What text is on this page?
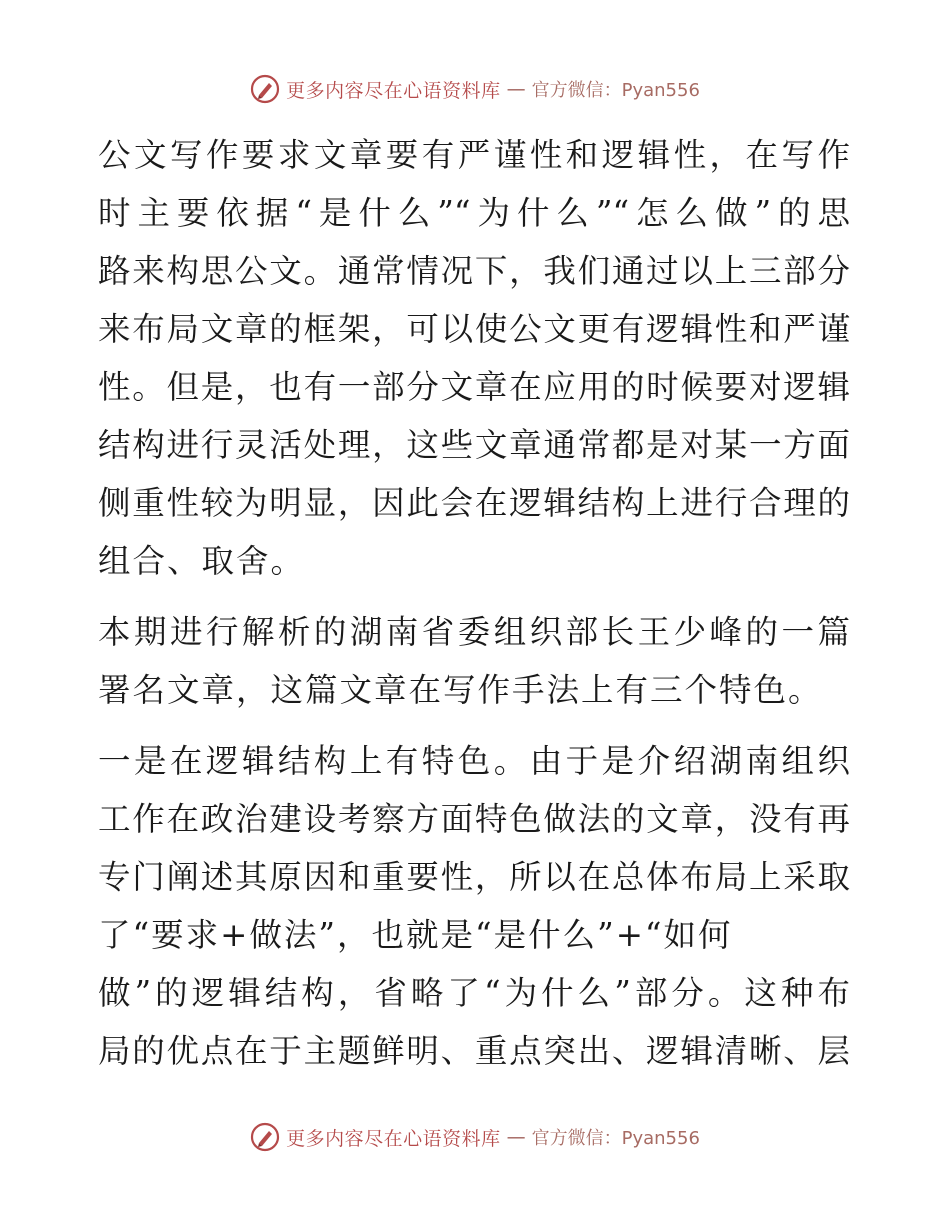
更多内容尽在心语资料库 — 官方微信：Pyan556
公文写作要求文章要有严谨性和逻辑性，在写作
时主要依据“是什么”“为什么”“怎么做”的思
路来构思公文。通常情况下，我们通过以上三部分
来布局文章的框架，可以使公文更有逻辑性和严谨
性。但是，也有一部分文章在应用的时候要对逻辑
结构进行灵活处理，这些文章通常都是对某一方面
侧重性较为明显，因此会在逻辑结构上进行合理的
组合、取舍。
本期进行解析的湖南省委组织部长王少峰的一篇
署名文章，这篇文章在写作手法上有三个特色。
一是在逻辑结构上有特色。由于是介绍湖南组织
工作在政治建设考察方面特色做法的文章，没有再
专门阐述其原因和重要性，所以在总体布局上采取
了“要求+做法”，也就是“是什么”+“如何
做”的逻辑结构，省略了“为什么”部分。这种布
局的优点在于主题鲜明、重点突出、逻辑清晰、层
更多内容尽在心语资料库 — 官方微信：Pyan556
